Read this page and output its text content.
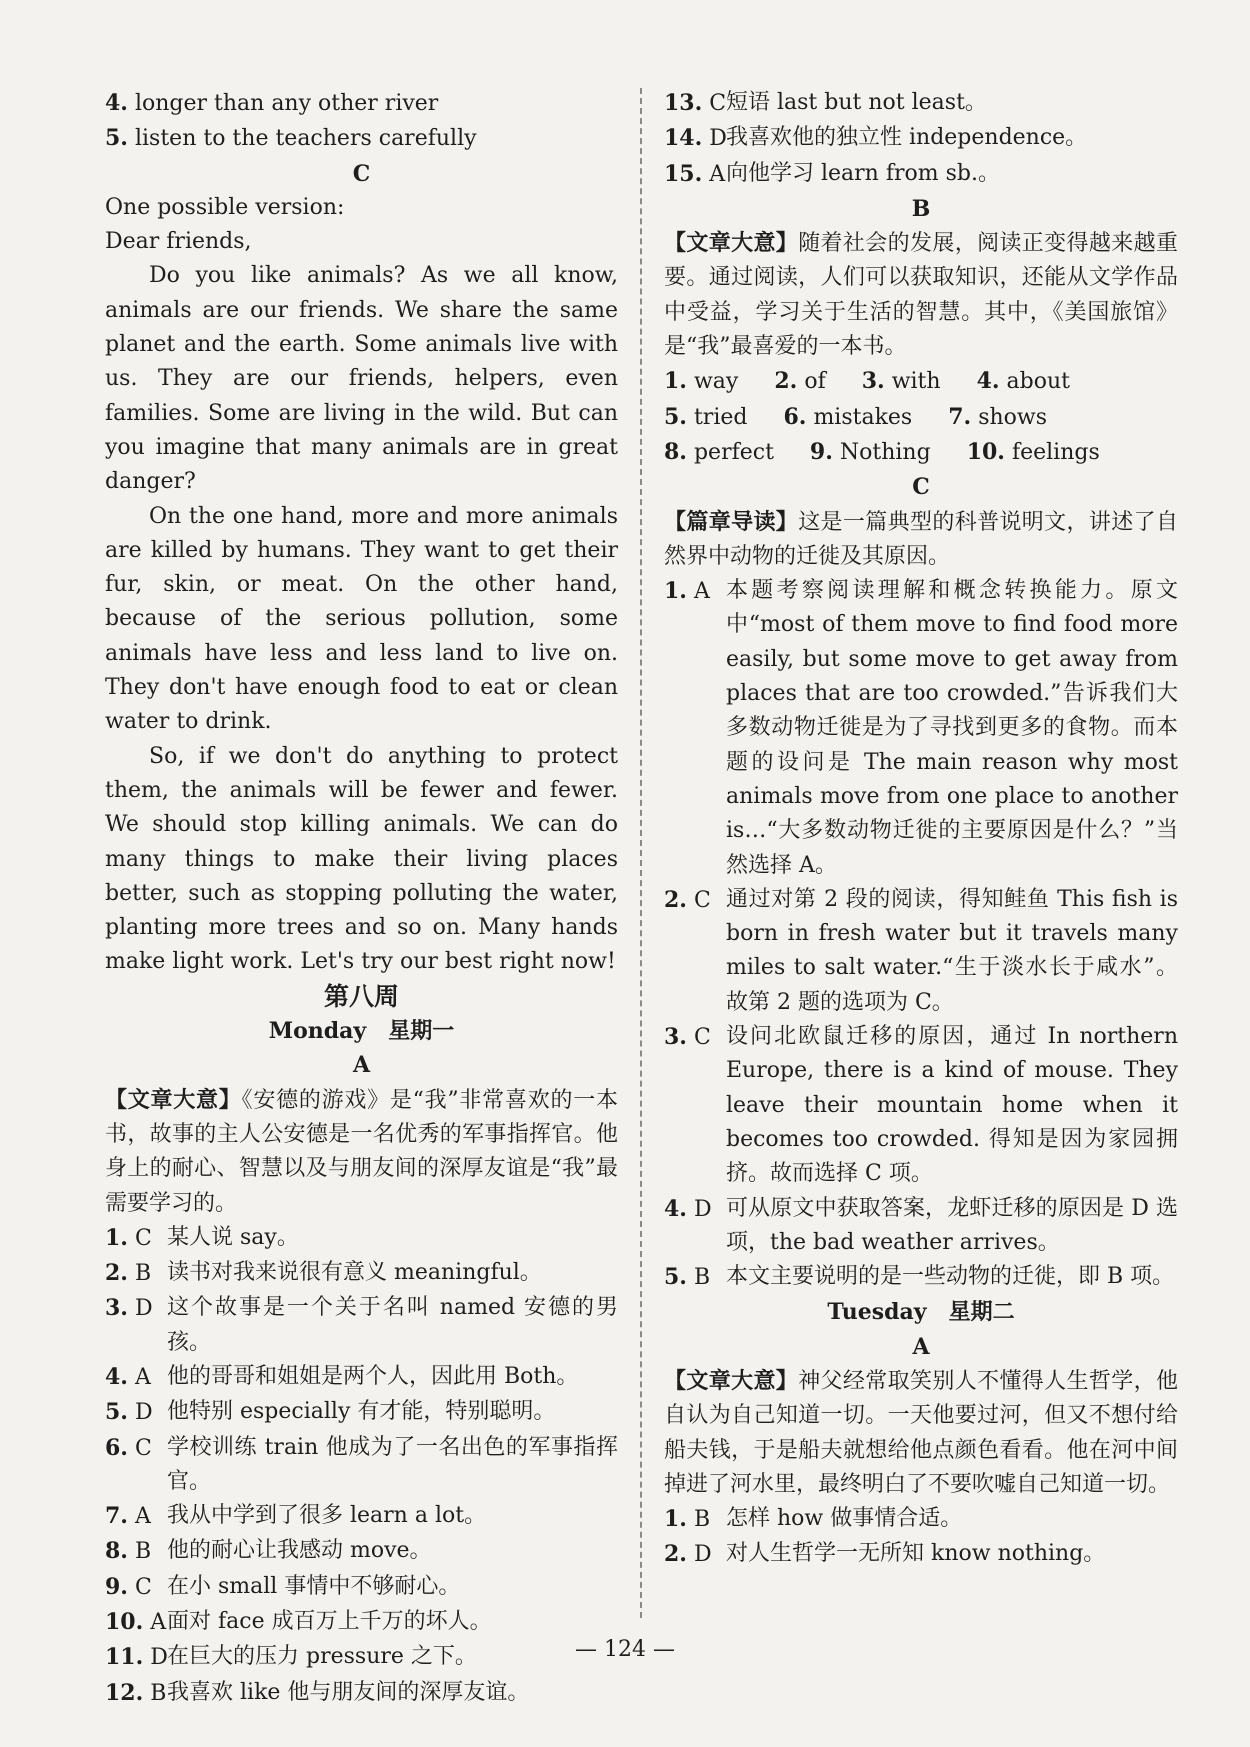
4. longer than any other river
5. listen to the teachers carefully
C
One possible version:
Dear friends,
Do you like animals? As we all know, animals are our friends. We share the same planet and the earth. Some animals live with us. They are our friends, helpers, even families. Some are living in the wild. But can you imagine that many animals are in great danger?
On the one hand, more and more animals are killed by humans. They want to get their fur, skin, or meat. On the other hand, because of the serious pollution, some animals have less and less land to live on. They don't have enough food to eat or clean water to drink.
So, if we don't do anything to protect them, the animals will be fewer and fewer. We should stop killing animals. We can do many things to make their living places better, such as stopping polluting the water, planting more trees and so on. Many hands make light work. Let's try our best right now!
第八周
Monday　星期一
A
【文章大意】《安德的游戏》是“我”非常喜欢的一本书，故事的主人公安德是一名优秀的军事指挥官。他身上的耐心、智慧以及与朋友间的深厚友谊是“我”最需要学习的。
1. C 某人说 say。
2. B 读书对我来说很有意义 meaningful。
3. D 这个故事是一个关于名叫 named 安德的男孩。
4. A 他的哥哥和姐姐是两个人，因此用 Both。
5. D 他特别 especially 有才能，特别聪明。
6. C 学校训练 train 他成为了一名出色的军事指挥官。
7. A 我从中学到了很多 learn a lot。
8. B 他的耐心让我感动 move。
9. C 在小 small 事情中不够耐心。
10. A 面对 face 成百万上千万的坏人。
11. D 在巨大的压力 pressure 之下。
12. B 我喜欢 like 他与朋友间的深厚友谊。
13. C 短语 last but not least。
14. D 我喜欢他的独立性 independence。
15. A 向他学习 learn from sb.。
B
【文章大意】随着社会的发展，阅读正变得越来越重要。通过阅读，人们可以获取知识，还能从文学作品中受益，学习关于生活的智慧。其中，《美国旅馆》是“我”最喜爱的一本书。
1. way	2. of	3. with	4. about
5. tried	6. mistakes	7. shows
8. perfect	9. Nothing	10. feelings
C
【篇章导读】这是一篇典型的科普说明文，讲述了自然界中动物的迁徙及其原因。
1. A 本题考察阅读理解和概念转换能力。原文中“most of them move to find food more easily, but some move to get away from places that are too crowded.”告诉我们大多数动物迁徙是为了寻找到更多的食物。而本题的设问是 The main reason why most animals move from one place to another is…“大多数动物迁徙的主要原因是什么？”当然选择 A。
2. C 通过对第 2 段的阅读，得知鲑鱼 This fish is born in fresh water but it travels many miles to salt water.“生于淡水长于咸水”。故第 2 题的选项为 C。
3. C 设问北欧鼠迁移的原因，通过 In northern Europe, there is a kind of mouse. They leave their mountain home when it becomes too crowded. 得知是因为家园拥挤。故而选择 C 项。
4. D 可从原文中获取答案，龙虾迁移的原因是 D 选项，the bad weather arrives。
5. B 本文主要说明的是一些动物的迁徙，即 B 项。
Tuesday　星期二
A
【文章大意】神父经常取笑别人不懂得人生哲学，他自认为自己知道一切。一天他要过河，但又不想付给船夫钱，于是船夫就想给他点颜色看看。他在河中间掉进了河水里，最终明白了不要吹嘘自己知道一切。
1. B 怎样 how 做事情合适。
2. D 对人生哲学一无所知 know nothing。
— 124 —
